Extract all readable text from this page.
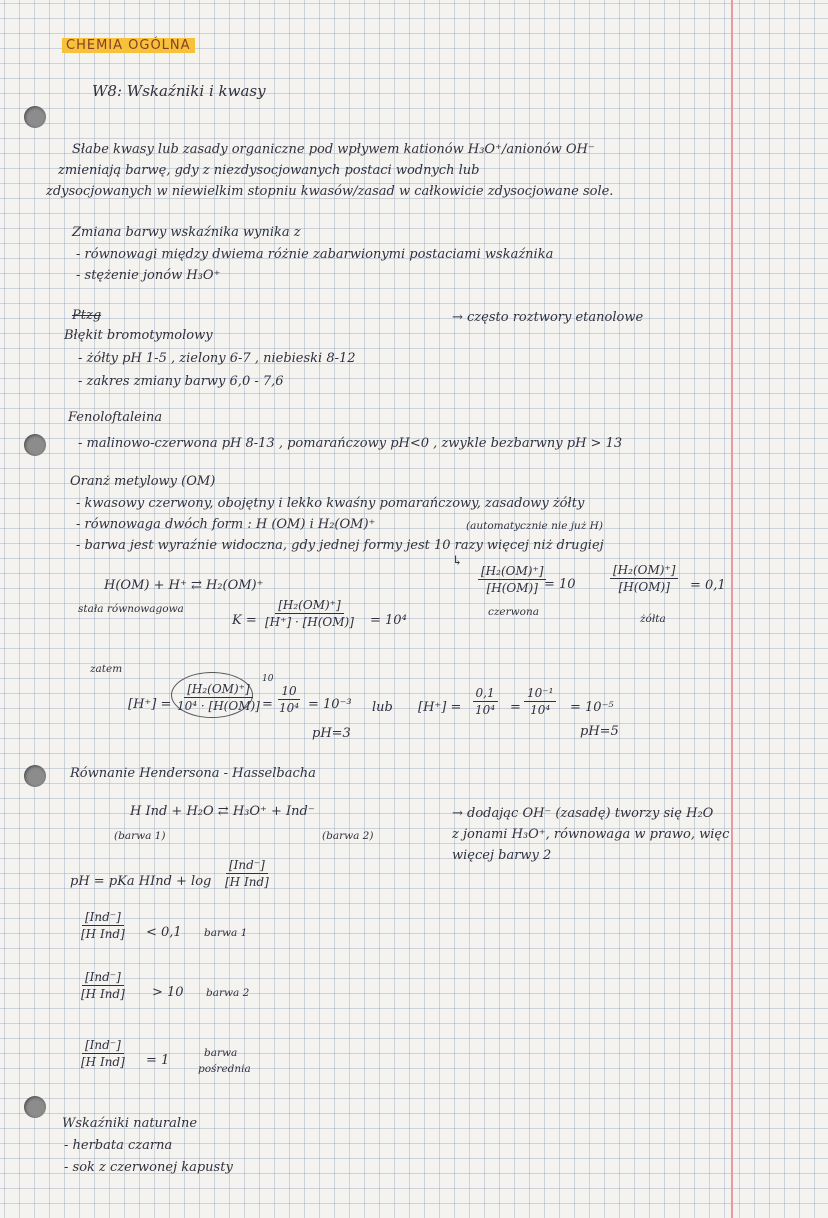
CHEMIA OGÓLNA
W8: Wskaźniki i kwasy
Słabe kwasy lub zasady organiczne pod wpływem kationów H₃O⁺/anionów OH⁻
zmieniają barwę, gdy z niezdysocjowanych postaci wodnych lub
zdysocjowanych w niewielkim stopniu kwasów/zasad w całkowicie zdysocjowane sole.
Zmiana barwy wskaźnika wynika z
- równowagi między dwiema różnie zabarwionymi postaciami wskaźnika
- stężenie jonów H₃O⁺
Ptzg	→ często roztwory etanolowe
Błękit bromotymolowy
- żółty pH 1-5 , zielony 6-7 , niebieski 8-12
- zakres zmiany barwy 6,0 - 7,6
Fenoloftaleina
- malinowo-czerwona pH 8-13 , pomarańczowy pH<0 , zwykle bezbarwny pH > 13
Oranż metylowy (OM)
- kwasowy czerwony, obojętny i lekko kwaśny pomarańczowy, zasadowy żółty
- równowaga dwóch form : H (OM) i H₂(OM)⁺	(automatycznie nie już H)
- barwa jest wyraźnie widoczna, gdy jednej formy jest 10 razy więcej niż drugiej
↳
H(OM) + H⁺ ⇄ H₂(OM)⁺	$\frac{\text{[H₂(OM)⁺]}}{[H(OM)]}$
= 10
czerwona
$\frac{\text{[H₂(OM)⁺]}}{[H(OM)]} = 0,1$
żółta
stała równowagowa
$K = \frac{\text{[H₂(OM)⁺]}}{[H^+] \cdot [H(OM)]} = 10^4$
zatem
[H⁺] =
10
$\frac{\text{[H₂(OM)⁺]}}{\text{10⁴ · [H(OM)]}} = \frac{10}{\text{10⁴}} = 10^{-3}$
pH=3
lub $[H^+] = \frac{0,1}{\text{10⁴}} = \frac{\text{10⁻¹}}{\text{10⁴}} = 10^{-5}$
pH=5
Równanie Hendersona - Hasselbacha
H Ind + H₂O ⇄ H₃O⁺ + Ind⁻
(barwa 1)	(barwa 2)
→ dodając OH⁻ (zasadę) tworzy się H₂O
z jonami H₃O⁺, równowaga w prawo, więc
więcej barwy 2
pH = pKa HInd + log
[Ind⁻]
[H Ind]
[Ind⁻]
[H Ind] < 0,1 barwa 1
[Ind⁻]
[H Ind] > 10 barwa 2
[Ind⁻]
[H Ind] = 1	barwa
pośrednia
Wskaźniki naturalne
- herbata czarna
- sok z czerwonej kapusty
